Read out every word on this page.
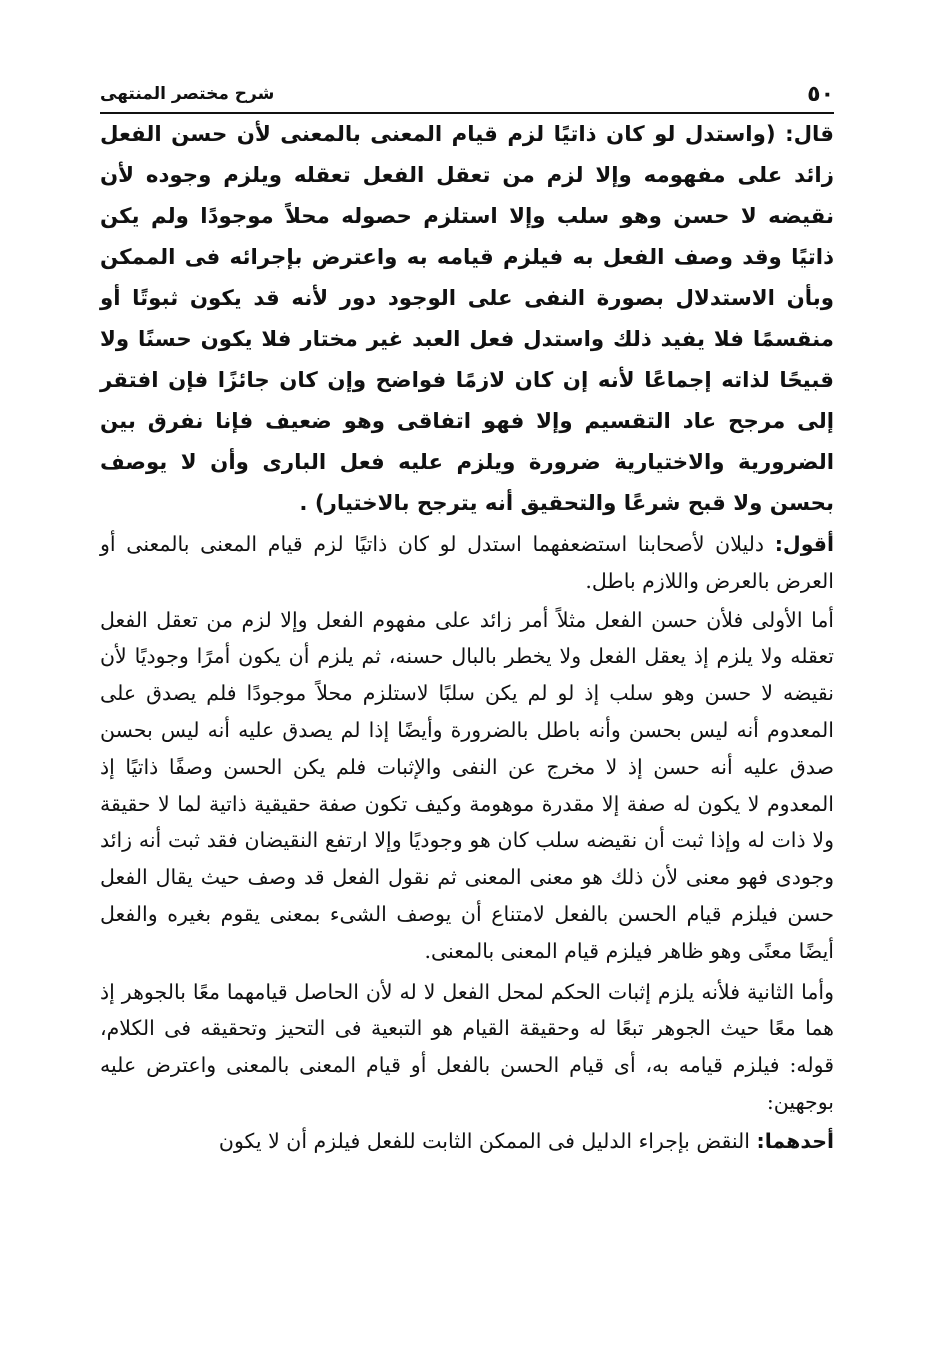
٥٠
شرح مختصر المنتهى

قال: (واستدل لو كان ذاتيًا لزم قيام المعنى بالمعنى لأن حسن الفعل زائد على مفهومه وإلا لزم من تعقل الفعل تعقله ويلزم وجوده لأن نقيضه لا حسن وهو سلب وإلا استلزم حصوله محلاً موجودًا ولم يكن ذاتيًا وقد وصف الفعل به فيلزم قيامه به واعترض بإجرائه فى الممكن وبأن الاستدلال بصورة النفى على الوجود دور لأنه قد يكون ثبوتًا أو منقسمًا فلا يفيد ذلك واستدل فعل العبد غير مختار فلا يكون حسنًا ولا قبيحًا لذاته إجماعًا لأنه إن كان لازمًا فواضح وإن كان جائزًا فإن افتقر إلى مرجح عاد التقسيم وإلا فهو اتفاقى وهو ضعيف فإنا نفرق بين الضرورية والاختيارية ضرورة ويلزم عليه فعل البارى وأن لا يوصف بحسن ولا قبح شرعًا والتحقيق أنه يترجح بالاختيار) .

أقول: دليلان لأصحابنا استضعفهما استدل لو كان ذاتيًا لزم قيام المعنى بالمعنى أو العرض بالعرض واللازم باطل.

أما الأولى فلأن حسن الفعل مثلاً أمر زائد على مفهوم الفعل وإلا لزم من تعقل الفعل تعقله ولا يلزم إذ يعقل الفعل ولا يخطر بالبال حسنه، ثم يلزم أن يكون أمرًا وجوديًا لأن نقيضه لا حسن وهو سلب إذ لو لم يكن سلبًا لاستلزم محلاً موجودًا فلم يصدق على المعدوم أنه ليس بحسن وأنه باطل بالضرورة وأيضًا إذا لم يصدق عليه أنه ليس بحسن صدق عليه أنه حسن إذ لا مخرج عن النفى والإثبات فلم يكن الحسن وصفًا ذاتيًا إذ المعدوم لا يكون له صفة إلا مقدرة موهومة وكيف تكون صفة حقيقية ذاتية لما لا حقيقة ولا ذات له وإذا ثبت أن نقيضه سلب كان هو وجوديًا وإلا ارتفع النقيضان فقد ثبت أنه زائد وجودى فهو معنى لأن ذلك هو معنى المعنى ثم نقول الفعل قد وصف حيث يقال الفعل حسن فيلزم قيام الحسن بالفعل لامتناع أن يوصف الشىء بمعنى يقوم بغيره والفعل أيضًا معنًى وهو ظاهر فيلزم قيام المعنى بالمعنى.

وأما الثانية فلأنه يلزم إثبات الحكم لمحل الفعل لا له لأن الحاصل قيامهما معًا بالجوهر إذ هما معًا حيث الجوهر تبعًا له وحقيقة القيام هو التبعية فى التحيز وتحقيقه فى الكلام، قوله: فيلزم قيامه به، أى قيام الحسن بالفعل أو قيام المعنى بالمعنى واعترض عليه بوجهين:

أحدهما: النقض بإجراء الدليل فى الممكن الثابت للفعل فيلزم أن لا يكون
